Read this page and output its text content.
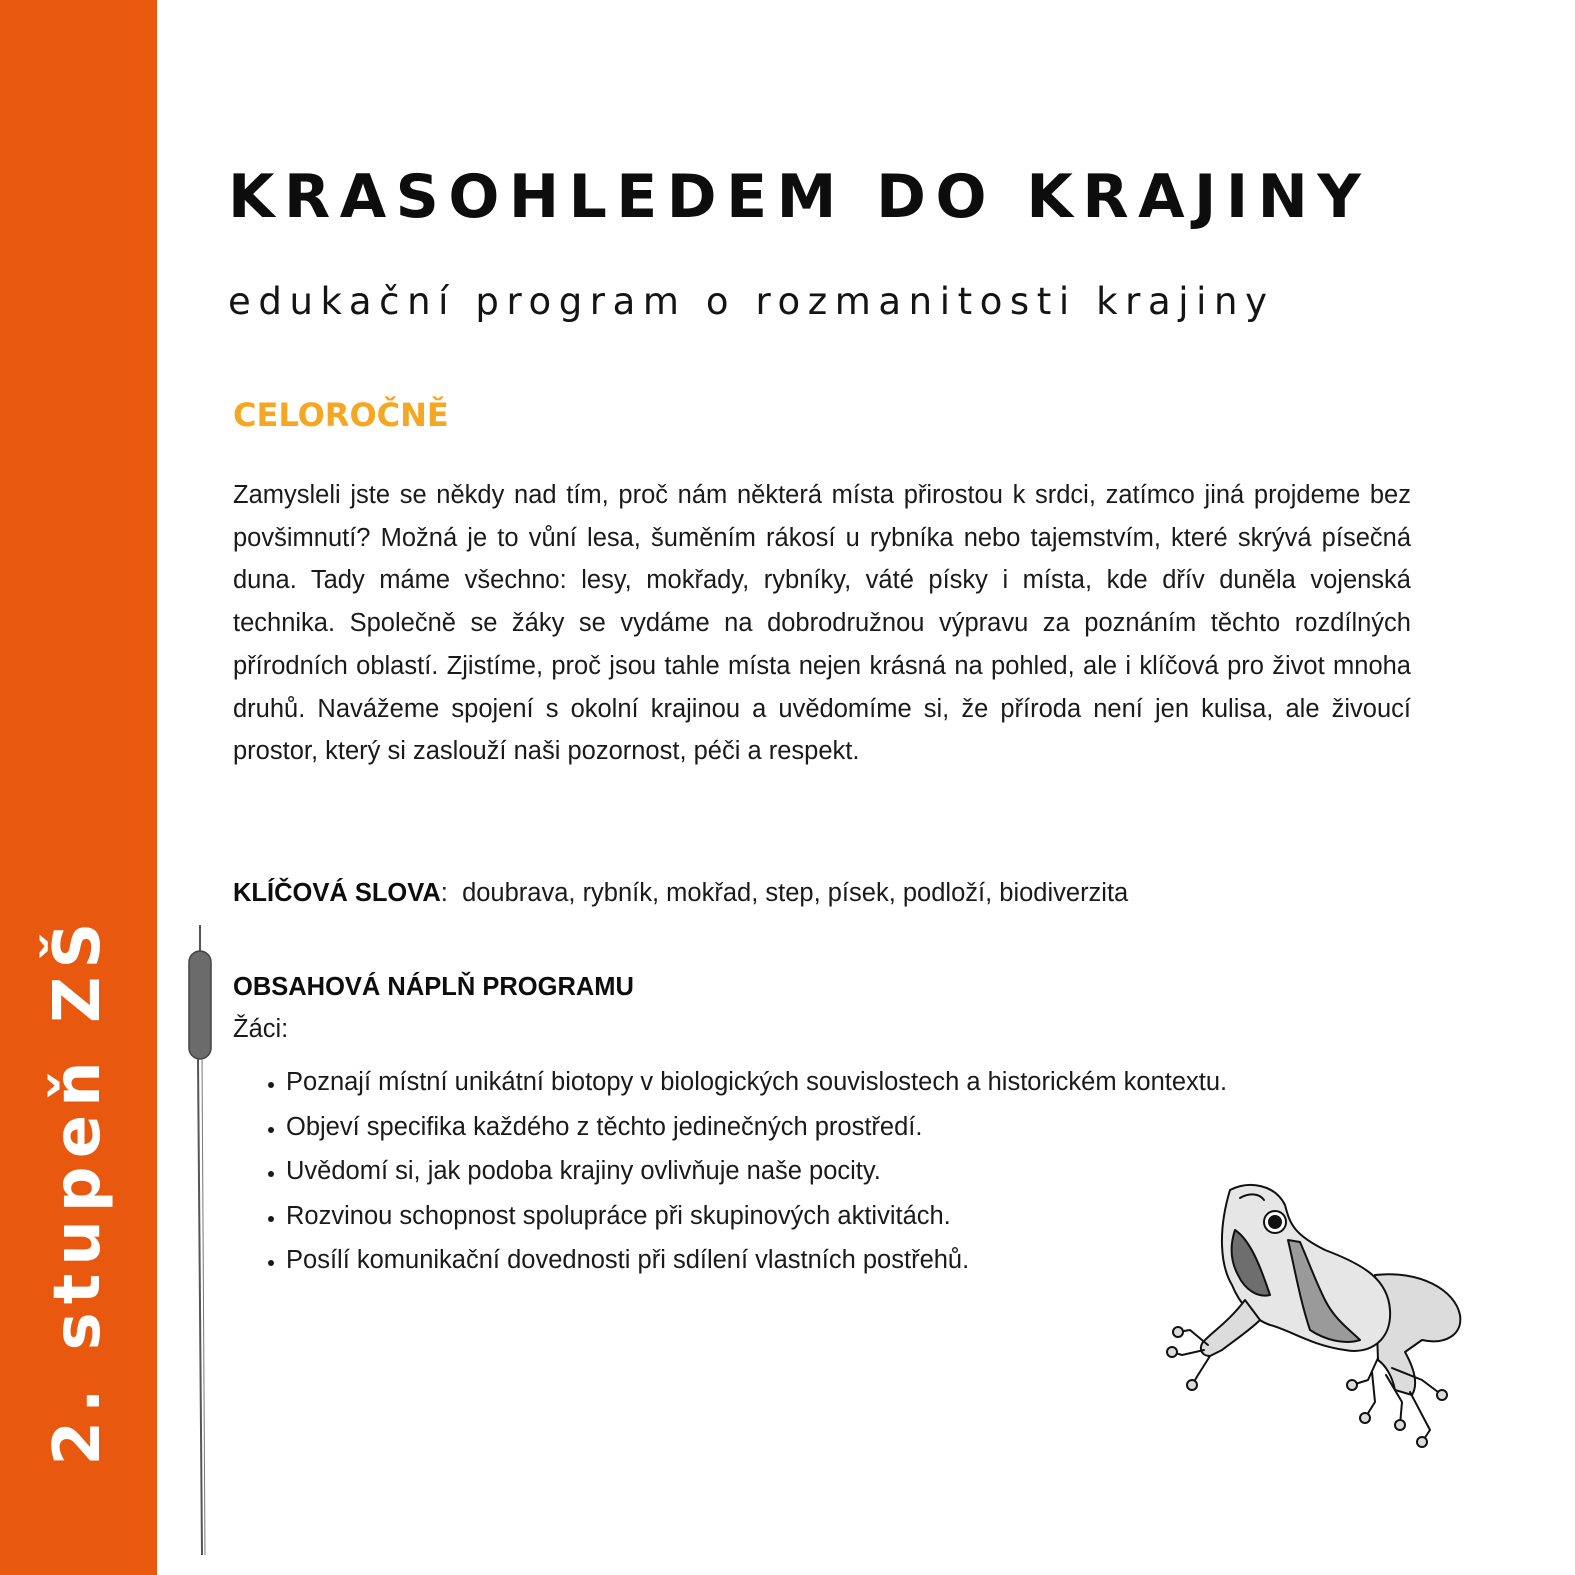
2. stupeň ZŠ
KRASOHLEDEM DO KRAJINY
edukační program o rozmanitosti krajiny
CELOROČNĚ

Zamysleli jste se někdy nad tím, proč nám některá místa přirostou k srdci, zatímco jiná projdeme bez povšimnutí? Možná je to vůní lesa, šuměním rákosí u rybníka nebo tajemstvím, které skrývá písečná duna. Tady máme všechno: lesy, mokřady, rybníky, váté písky i místa, kde dřív duněla vojenská technika. Společně se žáky se vydáme na dobrodružnou výpravu za poznáním těchto rozdílných přírodních oblastí. Zjistíme, proč jsou tahle místa nejen krásná na pohled, ale i klíčová pro život mnoha druhů. Navážeme spojení s okolní krajinou a uvědomíme si, že příroda není jen kulisa, ale živoucí prostor, který si zaslouží naši pozornost, péči a respekt.

KLÍČOVÁ SLOVA:  doubrava, rybník, mokřad, step, písek, podloží, biodiverzita

OBSAHOVÁ NÁPLŇ PROGRAMU
Žáci:
• Poznají místní unikátní biotopy v biologických souvislostech a historickém kontextu.
• Objeví specifika každého z těchto jedinečných prostředí.
• Uvědomí si, jak podoba krajiny ovlivňuje naše pocity.
• Rozvinou schopnost spolupráce při skupinových aktivitách.
• Posílí komunikační dovednosti při sdílení vlastních postřehů.
